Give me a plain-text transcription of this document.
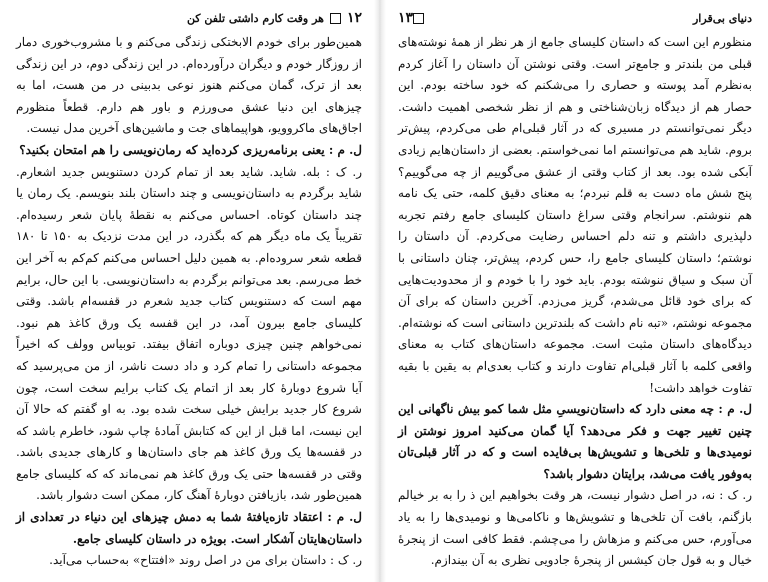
۱۲
هر وقت کارم داشتی تلفن کن

همین‌طور برای خودم الابختکی زندگی می‌کنم و با مشروب‌خوری دمار از روزگار خودم و دیگران درآورده‌ام. در این زندگی دوم، در این زندگی بعد از ترک، گمان می‌کنم هنوز نوعی بدبینی در من هست، اما به چیزهای این دنیا عشق می‌ورزم و باور هم دارم. قطعاً منظورم اجاق‌های ماکروویو، هواپیماهای جت و ماشین‌های آخرین مدل نیست.

ل. م : یعنی برنامه‌ریزی کرده‌اید که رمان‌نویسی را هم امتحان بکنید؟

ر. ک : بله. شاید. شاید بعد از تمام کردن دستنویس جدید اشعارم. شاید برگردم به داستان‌نویسی و چند داستان بلند بنویسم. یک رمان یا چند داستان کوتاه. احساس می‌کنم به نقطهٔ پایان شعر رسیده‌ام. تقریباً یک ماه دیگر هم که بگذرد، در این مدت نزدیک به ۱۵۰ تا ۱۸۰ قطعه شعر سروده‌ام. به همین دلیل احساس می‌کنم کم‌کم به آخر این خط می‌رسم. بعد می‌توانم برگردم به داستان‌نویسی. با این حال، برایم مهم است که دستنویس کتاب جدید شعرم در قفسه‌ام باشد. وقتی کلیسای جامع بیرون آمد، در این قفسه یک ورق کاغذ هم نبود. نمی‌خواهم چنین چیزی دوباره اتفاق بیفتد. توبیاس وولف که اخیراً مجموعه داستانی را تمام کرد و داد دست ناشر، از من می‌پرسید که آیا شروع دوبارهٔ کار بعد از اتمام یک کتاب برایم سخت است، چون شروع کار جدید برایش خیلی سخت شده بود. به او گفتم که حالا آن این نیست، اما قبل از این که کتابش آمادهٔ چاپ شود، خاطرم باشد که در قفسه‌ها یک ورق کاغذ هم جای داستان‌ها و کارهای جدیدی باشد. وقتی در قفسه‌ها حتی یک ورق کاغذ هم نمی‌ماند که که کلیسای جامع همین‌طور شد، بازیافتن دوبارهٔ آهنگ کار، ممکن است دشوار باشد.

ل. م : اعتقاد تازه‌یافتهٔ شما به دمش چیزهای این دنیاء در تعدادی از داستان‌هایتان آشکار است. بویژه در داستان کلیسای جامع.

ر. ک : داستان برای من در اصل روند «افتتاح» به‌حساب می‌آید.

دنیای بی‌قرار
۱۳

منظورم این است که داستان کلیسای جامع از هر نظر از همهٔ نوشته‌های قبلی من بلندتر و جامع‌تر است. وقتی نوشتن آن داستان را آغاز کردم به‌نظرم آمد پوسته و حصاری را می‌شکنم که خود ساخته بودم. این حصار هم از دیدگاه زبان‌شناختی و هم از نظر شخصی اهمیت داشت. دیگر نمی‌توانستم در مسیری که در آثار قبلی‌ام طی می‌کردم، پیش‌تر بروم. شاید هم می‌توانستم اما نمی‌خواستم. بعضی از داستان‌هایم زیادی آبکی شده بود. بعد از کتاب وقتی از عشق می‌گوییم از چه می‌گوییم؟ پنج شش ماه دست به قلم نبردم؛ به معنای دقیق کلمه، حتی یک نامه هم ننوشتم. سرانجام وقتی سراغ داستان کلیسای جامع رفتم تجربه دلپذیری داشتم و تنه دلم احساس رضایت می‌کردم. آن داستان را نوشتم؛ داستان کلیسای جامع را، حس کردم، پیش‌تر، چنان داستانی با آن سبک و سیاق ننوشته بودم. باید خود را با خودم و از محدودیت‌هایی که برای خود قائل می‌شدم، گریز می‌زدم. آخرین داستان که برای آن مجموعه نوشتم، «تبه نام داشت که بلندترین داستانی است که نوشته‌ام. دیدگاه‌های داستان مثبت است. مجموعه داستان‌های کتاب به معنای واقعی کلمه با آثار قبلی‌ام تفاوت دارند و کتاب بعدی‌ام به یقین با بقیه تفاوت خواهد داشت!

ل. م : چه معنی دارد که داستان‌نویسیِ مثل شما کمو بیش ناگهانی این چنین تغییر جهت و فکر می‌دهد؟ آیا گمان می‌کنید امروز نوشتن از نومیدی‌ها و تلخی‌ها و تشویش‌ها بی‌فایده است و که در آثار قبلی‌تان به‌وفور یافت می‌شد، برایتان دشوار باشد؟

ر. ک : نه، در اصل دشوار نیست، هر وقت بخواهیم این ذ را به بر خیالم بازگنم، بافت آن تلخی‌ها و تشویش‌ها و ناکامی‌ها و نومیدی‌ها را به یاد می‌آورم، حس می‌کنم و مزهاش را می‌چشم. فقط کافی است از پنجرهٔ خیال و به قول جان کیشس از پنجرهٔ جادویی نظری به آن بیندازم.
